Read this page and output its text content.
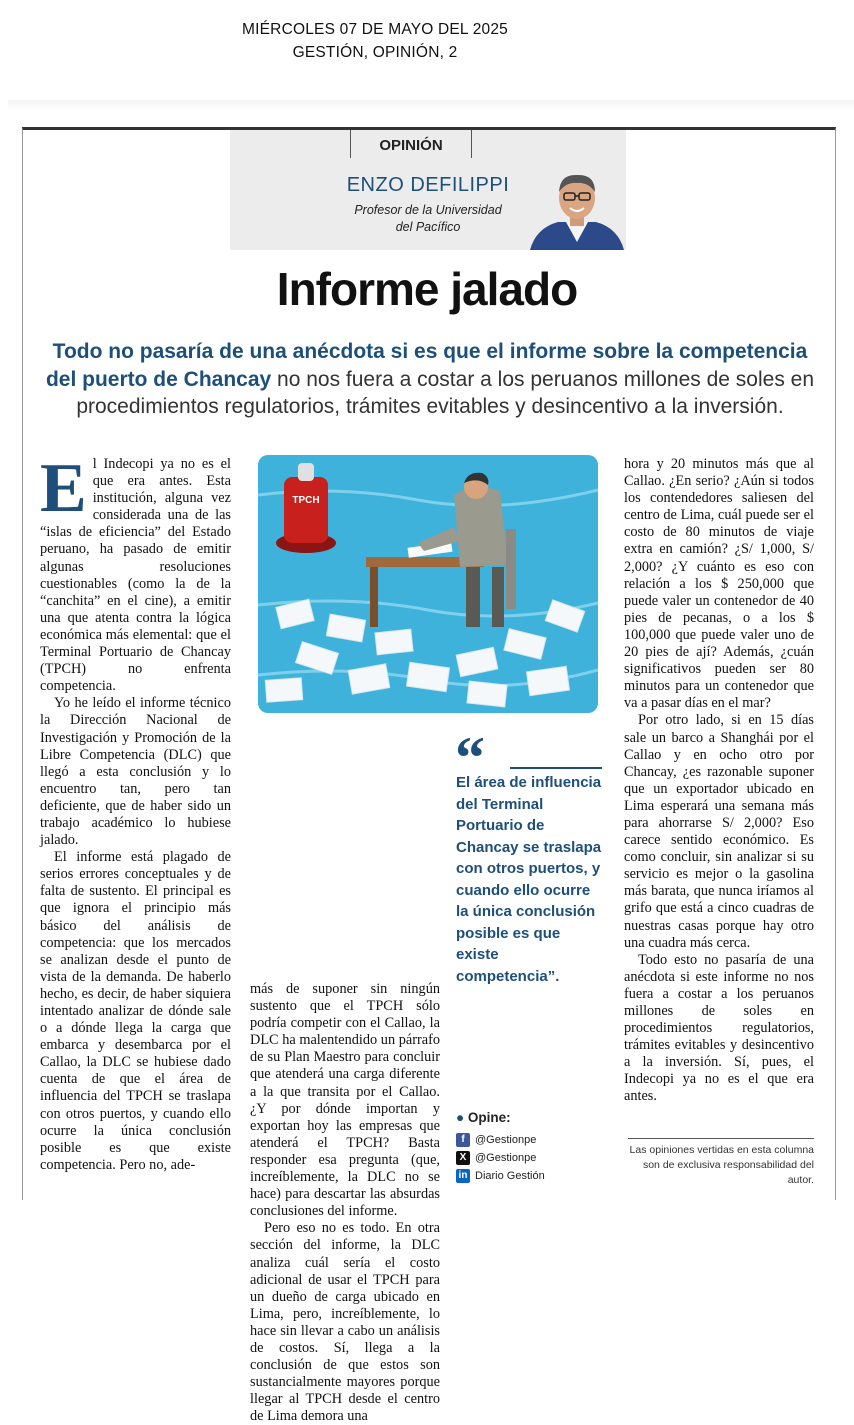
MIÉRCOLES 07 DE MAYO DEL 2025
GESTIÓN, OPINIÓN, 2
OPINIÓN
ENZO DEFILIPPI
Profesor de la Universidad
del Pacífico
Informe jalado
Todo no pasaría de una anécdota si es que el informe sobre la competencia del puerto de Chancay no nos fuera a costar a los peruanos millones de soles en procedimientos regulatorios, trámites evitables y desincentivo a la inversión.

El Indecopi ya no es el que era antes. Esta institución, alguna vez considerada una de las “islas de eficiencia” del Estado peruano, ha pasado de emitir algunas resoluciones cuestionables (como la de la “canchita” en el cine), a emitir una que atenta contra la lógica económica más elemental: que el Terminal Portuario de Chancay (TPCH) no enfrenta competencia.

Yo he leído el informe técnico la Dirección Nacional de Investigación y Promoción de la Libre Competencia (DLC) que llegó a esta conclusión y lo encuentro tan, pero tan deficiente, que de haber sido un trabajo académico lo hubiese jalado.

El informe está plagado de serios errores conceptuales y de falta de sustento. El principal es que ignora el principio más básico del análisis de competencia: que los mercados se analizan desde el punto de vista de la demanda. De haberlo hecho, es decir, de haber siquiera intentado analizar de dónde sale o a dónde llega la carga que embarca y desembarca por el Callao, la DLC se hubiese dado cuenta de que el área de influencia del TPCH se traslapa con otros puertos, y cuando ello ocurre la única conclusión posible es que existe competencia. Pero no, ade-

TPCH

más de suponer sin ningún sustento que el TPCH sólo podría competir con el Callao, la DLC ha malentendido un párrafo de su Plan Maestro para concluir que atenderá una carga diferente a la que transita por el Callao. ¿Y por dónde importan y exportan hoy las empresas que atenderá el TPCH? Basta responder esa pregunta (que, increíblemente, la DLC no se hace) para descartar las absurdas conclusiones del informe.

Pero eso no es todo. En otra sección del informe, la DLC analiza cuál sería el costo adicional de usar el TPCH para un dueño de carga ubicado en Lima, pero, increíblemente, lo hace sin llevar a cabo un análisis de costos. Sí, llega a la conclusión de que estos son sustancialmente mayores porque llegar al TPCH desde el centro de Lima demora una

“
El área de influencia del Terminal Portuario de Chancay se traslapa con otros puertos, y cuando ello ocurre la única conclusión posible es que existe competencia”.

hora y 20 minutos más que al Callao. ¿En serio? ¿Aún si todos los contendedores saliesen del centro de Lima, cuál puede ser el costo de 80 minutos de viaje extra en camión? ¿S/ 1,000, S/ 2,000? ¿Y cuánto es eso con relación a los $ 250,000 que puede valer un contenedor de 40 pies de pecanas, o a los $ 100,000 que puede valer uno de 20 pies de ají? Además, ¿cuán significativos pueden ser 80 minutos para un contenedor que va a pasar días en el mar?

Por otro lado, si en 15 días sale un barco a Shanghái por el Callao y en ocho otro por Chancay, ¿es razonable suponer que un exportador ubicado en Lima esperará una semana más para ahorrarse S/ 2,000? Eso carece sentido económico. Es como concluir, sin analizar si su servicio es mejor o la gasolina más barata, que nunca iríamos al grifo que está a cinco cuadras de nuestras casas porque hay otro una cuadra más cerca.

Todo esto no pasaría de una anécdota si este informe no nos fuera a costar a los peruanos millones de soles en procedimientos regulatorios, trámites evitables y desincentivo a la inversión. Sí, pues, el Indecopi ya no es el que era antes.

● Opine:
f @Gestionpe
X @Gestionpe
in Diario Gestión
Las opiniones vertidas en esta columna son de exclusiva responsabilidad del autor.
